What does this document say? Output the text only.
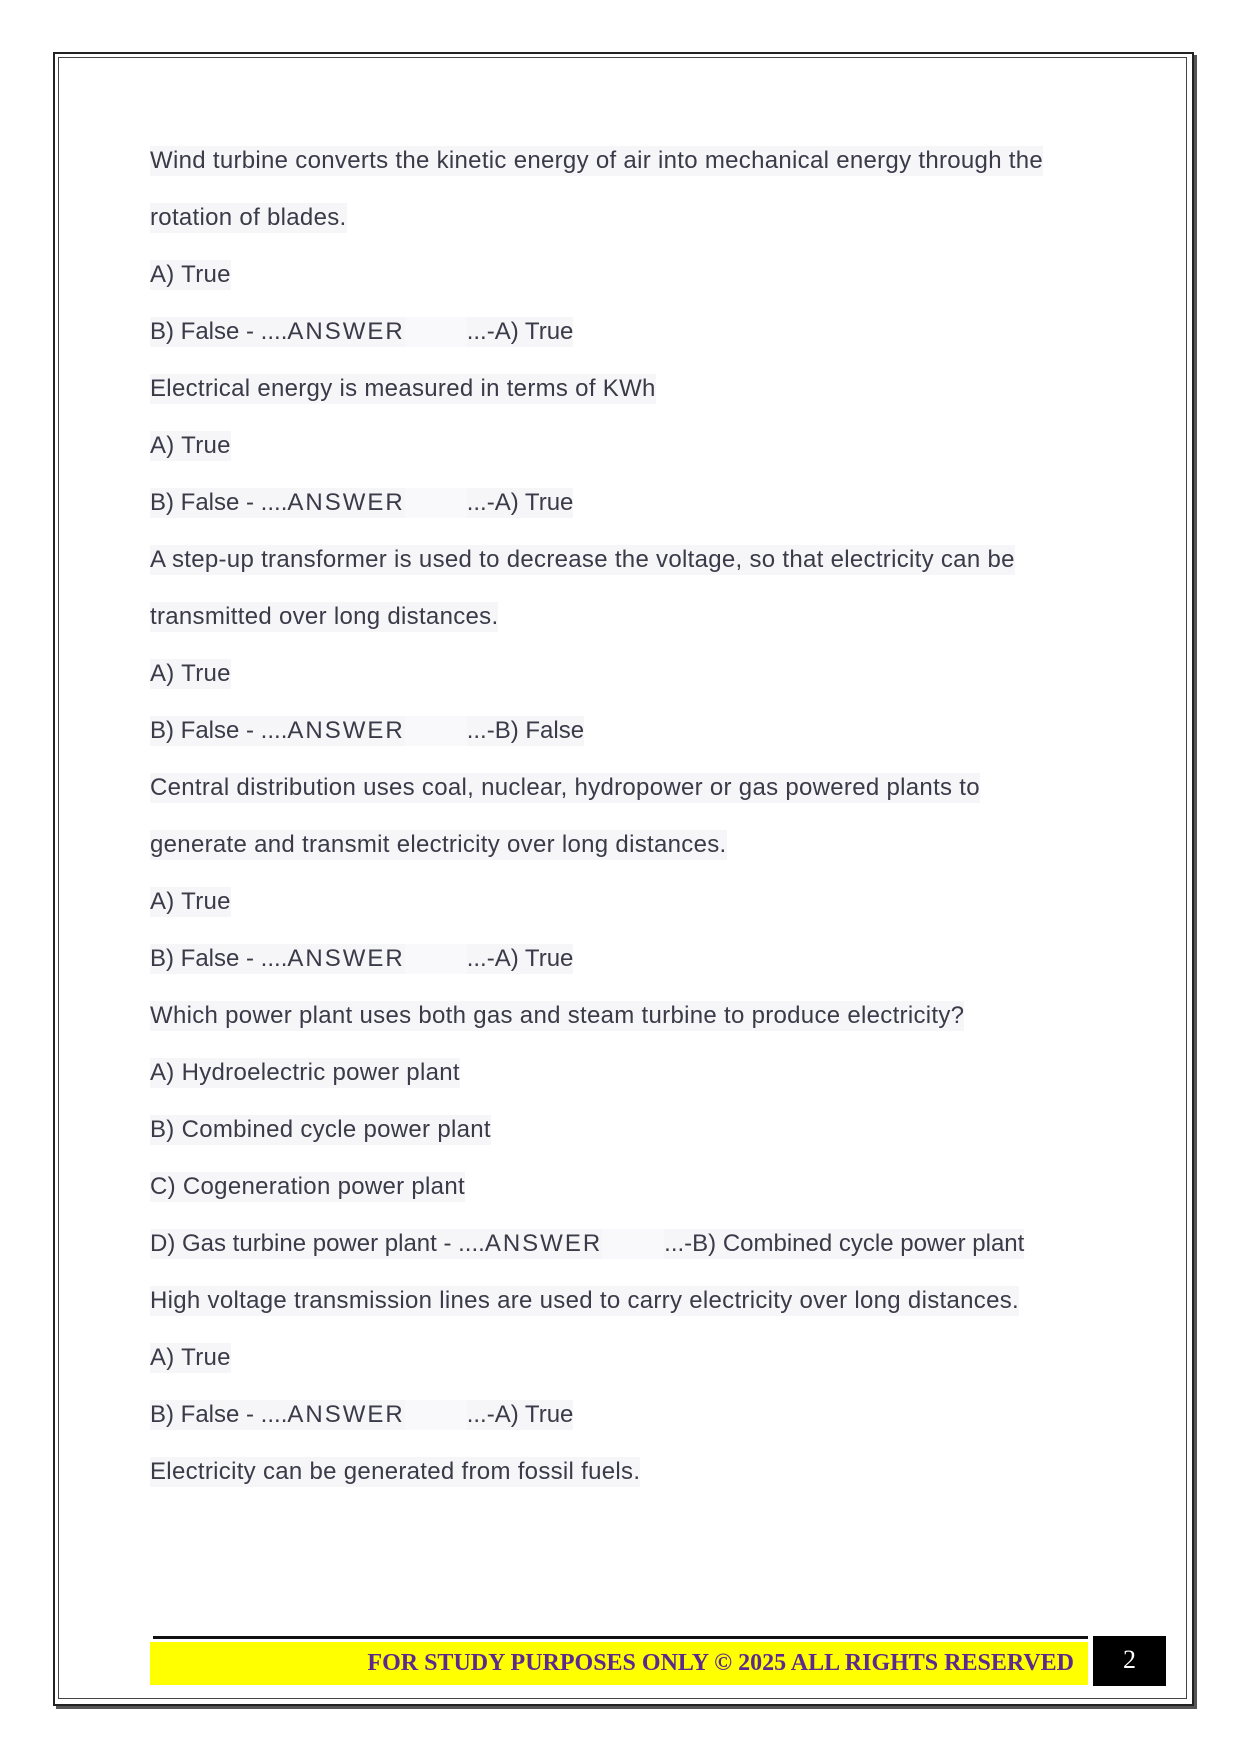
Wind turbine converts the kinetic energy of air into mechanical energy through the
rotation of blades.
A) True
B) False - ....ANSWER	...-A) True
Electrical energy is measured in terms of KWh
A) True
B) False - ....ANSWER	...-A) True
A step-up transformer is used to decrease the voltage, so that electricity can be
transmitted over long distances.
A) True
B) False - ....ANSWER	...-B) False
Central distribution uses coal, nuclear, hydropower or gas powered plants to
generate and transmit electricity over long distances.
A) True
B) False - ....ANSWER	...-A) True
Which power plant uses both gas and steam turbine to produce electricity?
A) Hydroelectric power plant
B) Combined cycle power plant
C) Cogeneration power plant
D) Gas turbine power plant - ....ANSWER	...-B) Combined cycle power plant
High voltage transmission lines are used to carry electricity over long distances.
A) True
B) False - ....ANSWER	...-A) True
Electricity can be generated from fossil fuels.
FOR STUDY PURPOSES ONLY © 2025 ALL RIGHTS RESERVED	2
